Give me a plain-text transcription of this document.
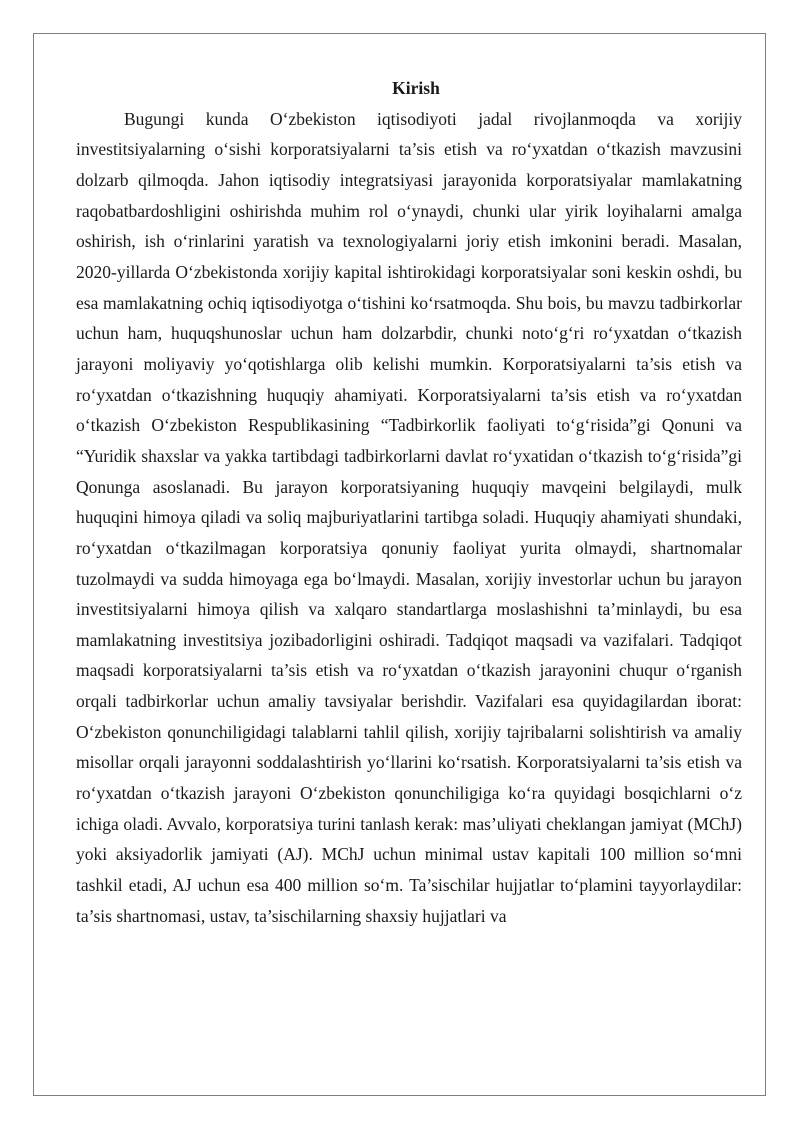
Kirish

Bugungi kunda O‘zbekiston iqtisodiyoti jadal rivojlanmoqda va xorijiy investitsiyalarning o‘sishi korporatsiyalarni ta’sis etish va ro‘yxatdan o‘tkazish mavzusini dolzarb qilmoqda. Jahon iqtisodiy integratsiyasi jarayonida korporatsiyalar mamlakatning raqobatbardoshligini oshirishda muhim rol o‘ynaydi, chunki ular yirik loyihalarni amalga oshirish, ish o‘rinlarini yaratish va texnologiyalarni joriy etish imkonini beradi. Masalan, 2020-yillarda O‘zbekistonda xorijiy kapital ishtirokidagi korporatsiyalar soni keskin oshdi, bu esa mamlakatning ochiq iqtisodiyotga o‘tishini ko‘rsatmoqda. Shu bois, bu mavzu tadbirkorlar uchun ham, huquqshunoslar uchun ham dolzarbdir, chunki noto‘g‘ri ro‘yxatdan o‘tkazish jarayoni moliyaviy yo‘qotishlarga olib kelishi mumkin. Korporatsiyalarni ta’sis etish va ro‘yxatdan o‘tkazishning huquqiy ahamiyati. Korporatsiyalarni ta’sis etish va ro‘yxatdan o‘tkazish O‘zbekiston Respublikasining “Tadbirkorlik faoliyati to‘g‘risida”gi Qonuni va “Yuridik shaxslar va yakka tartibdagi tadbirkorlarni davlat ro‘yxatidan o‘tkazish to‘g‘risida”gi Qonunga asoslanadi. Bu jarayon korporatsiyaning huquqiy mavqeini belgilaydi, mulk huquqini himoya qiladi va soliq majburiyatlarini tartibga soladi. Huquqiy ahamiyati shundaki, ro‘yxatdan o‘tkazilmagan korporatsiya qonuniy faoliyat yurita olmaydi, shartnomalar tuzolmaydi va sudda himoyaga ega bo‘lmaydi. Masalan, xorijiy investorlar uchun bu jarayon investitsiyalarni himoya qilish va xalqaro standartlarga moslashishni ta’minlaydi, bu esa mamlakatning investitsiya jozibadorligini oshiradi. Tadqiqot maqsadi va vazifalari. Tadqiqot maqsadi korporatsiyalarni ta’sis etish va ro‘yxatdan o‘tkazish jarayonini chuqur o‘rganish orqali tadbirkorlar uchun amaliy tavsiyalar berishdir. Vazifalari esa quyidagilardan iborat: O‘zbekiston qonunchiligidagi talablarni tahlil qilish, xorijiy tajribalarni solishtirish va amaliy misollar orqali jarayonni soddalashtirish yo‘llarini ko‘rsatish. Korporatsiyalarni ta’sis etish va ro‘yxatdan o‘tkazish jarayoni O‘zbekiston qonunchiligiga ko‘ra quyidagi bosqichlarni o‘z ichiga oladi. Avvalo, korporatsiya turini tanlash kerak: mas’uliyati cheklangan jamiyat (MChJ) yoki aksiyadorlik jamiyati (AJ). MChJ uchun minimal ustav kapitali 100 million so‘mni tashkil etadi, AJ uchun esa 400 million so‘m. Ta’sischilar hujjatlar to‘plamini tayyorlaydilar: ta’sis shartnomasi, ustav, ta’sischilarning shaxsiy hujjatlari va
